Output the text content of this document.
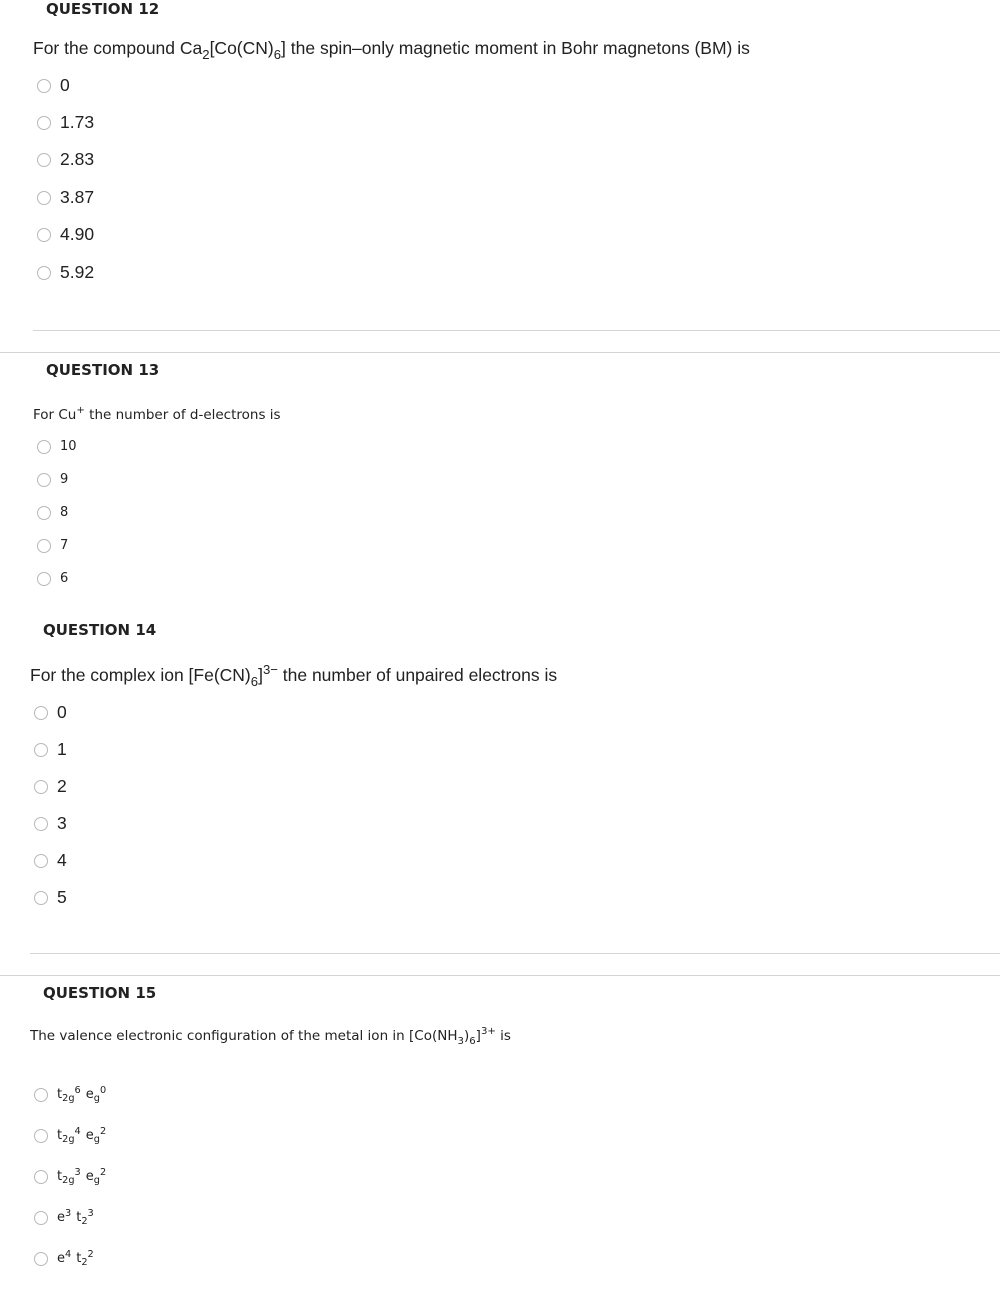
QUESTION 12
For the compound $Ca_2[Co(CN)_6]$ the spin–only magnetic moment in Bohr magnetons (BM) is
0
1.73
2.83
3.87
4.90
5.92
QUESTION 13
For Cu+ the number of d-electrons is
10
9
8
7
6
QUESTION 14
For the complex ion $[Fe(CN)_6]^{3-}$ the number of unpaired electrons is
0
1
2
3
4
5
QUESTION 15
The valence electronic configuration of the metal ion in $[Co(NH_3)_6]^{3+}$ is
$t_{2g}^6$ $e_g^0$
$t_{2g}^4$ $e_g^2$
$t_{2g}^3$ $e_g^2$
$e^3$ $t_2^3$
$e^4$ $t_2^2$
